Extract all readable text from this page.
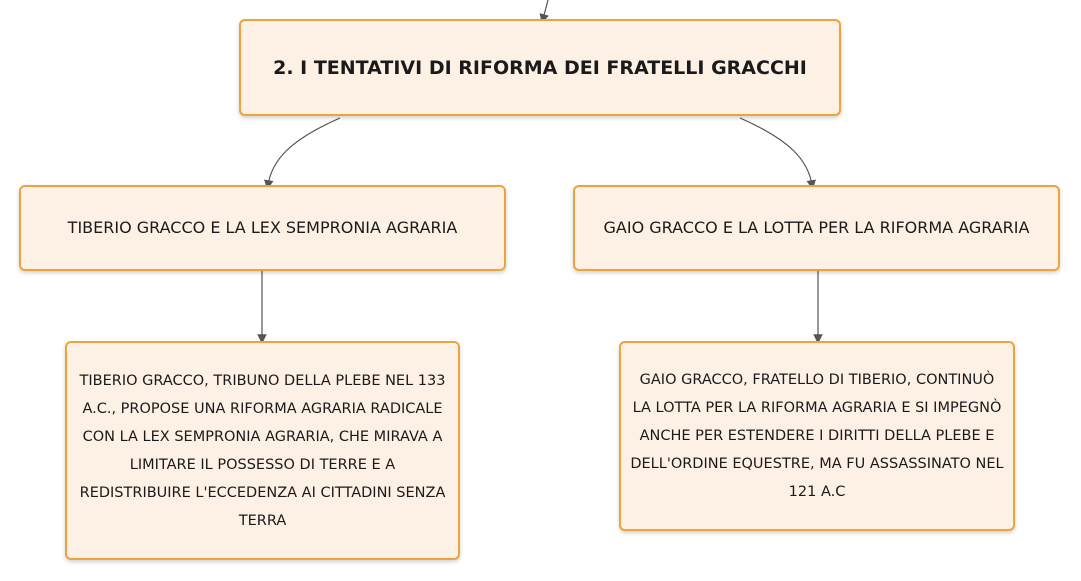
2. I TENTATIVI DI RIFORMA DEI FRATELLI GRACCHI
TIBERIO GRACCO E LA LEX SEMPRONIA AGRARIA	GAIO GRACCO E LA LOTTA PER LA RIFORMA AGRARIA
TIBERIO GRACCO, TRIBUNO DELLA PLEBE NEL 133 A.C., PROPOSE UNA RIFORMA AGRARIA RADICALE CON LA LEX SEMPRONIA AGRARIA, CHE MIRAVA A LIMITARE IL POSSESSO DI TERRE E A REDISTRIBUIRE L'ECCEDENZA AI CITTADINI SENZA TERRA
GAIO GRACCO, FRATELLO DI TIBERIO, CONTINUÒ LA LOTTA PER LA RIFORMA AGRARIA E SI IMPEGNÒ ANCHE PER ESTENDERE I DIRITTI DELLA PLEBE E DELL'ORDINE EQUESTRE, MA FU ASSASSINATO NEL 121 A.C
